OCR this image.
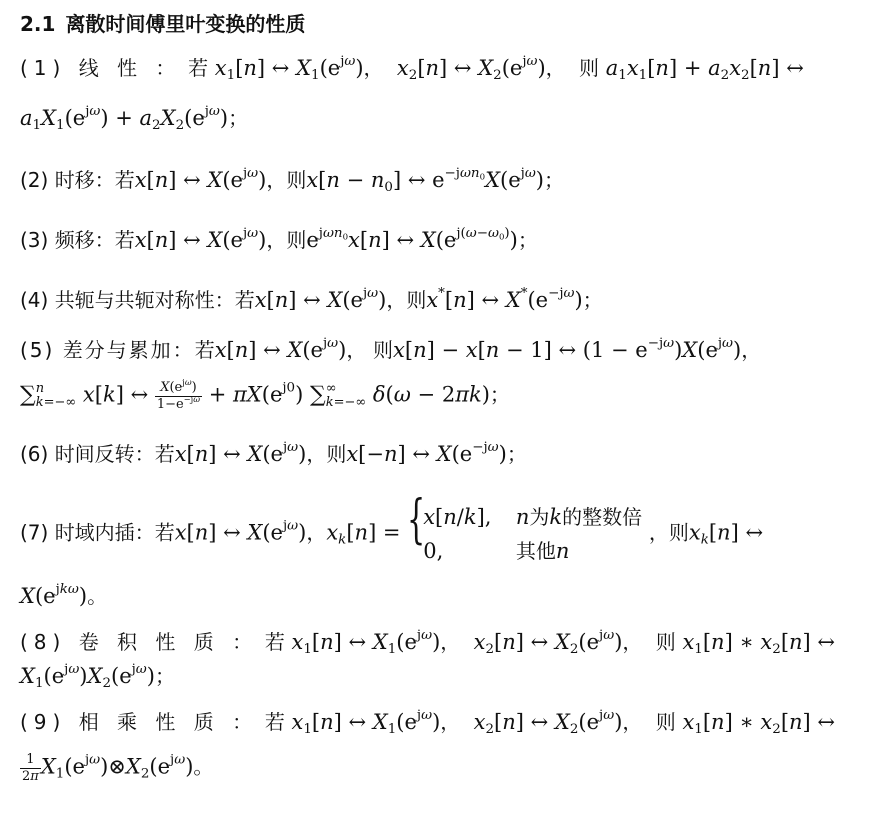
2.1 离散时间傅里叶变换的性质
(1) 线 性 ： 若 $x_1[n]$ ↔ $X_1(e^{j\omega})$， $x_2[n]$ ↔ $X_2(e^{j\omega})$， 则 $a_1x_1[n] + a_2x_2[n]$ ↔
$a_1X_1(e^{j\omega}) + a_2X_2(e^{j\omega})$；
(2) 时移：若x[n] ↔ $X(e^{j\omega})$，则$x[n - n_0]$ ↔ $e^{-j\omega n_0}X(e^{j\omega})$；
(3) 频移：若x[n] ↔ $X(e^{j\omega})$，则$e^{j\omega n_0}x[n]$ ↔ $X(e^{j(\omega-\omega_0)})$；
(4) 共轭与共轭对称性：若x[n] ↔ $X(e^{j\omega})$，则x*[n] ↔ $X^*(e^{-j\omega})$；
(5) 差分与累加：若x[n] ↔ $X(e^{j\omega})$， 则x[n] − x[n − 1] ↔ $(1 - e^{-j\omega})X(e^{j\omega})$，
∑ n
k=−∞ x[k] ↔ $\frac{X(e^{j\omega})}{1-e^{-j\omega}} + \pi X(e^{j0})$ ∑ ∞
k=−∞ δ(ω − 2πk)；
(6) 时间反转：若x[n] ↔ $X(e^{j\omega})$，则x[−n] ↔ $X(e^{-j\omega})$；
(7) 时域内插：若x[n] ↔ $X(e^{j\omega})$，$x_k[n]$ = {
x[n/k], n为k的整数倍
0,	其他n
，则$x_k[n]$ ↔
$X(e^{jk\omega})$。
(8) 卷 积 性 质 ： 若 $x_1[n]$ ↔ $X_1(e^{j\omega})$， $x_2[n]$ ↔ $X_2(e^{j\omega})$， 则 $x_1[n]$ ∗ $x_2[n]$ ↔
$X_1(e^{j\omega})X_2(e^{j\omega})$；
(9) 相 乘 性 质 ： 若 $x_1[n]$ ↔ $X_1(e^{j\omega})$， $x_2[n]$ ↔ $X_2(e^{j\omega})$， 则 $x_1[n]$ ∗ $x_2[n]$ ↔
$\frac{1}{2\pi}$ $X_1(e^{j\omega})\otimes X_2(e^{j\omega})$。
